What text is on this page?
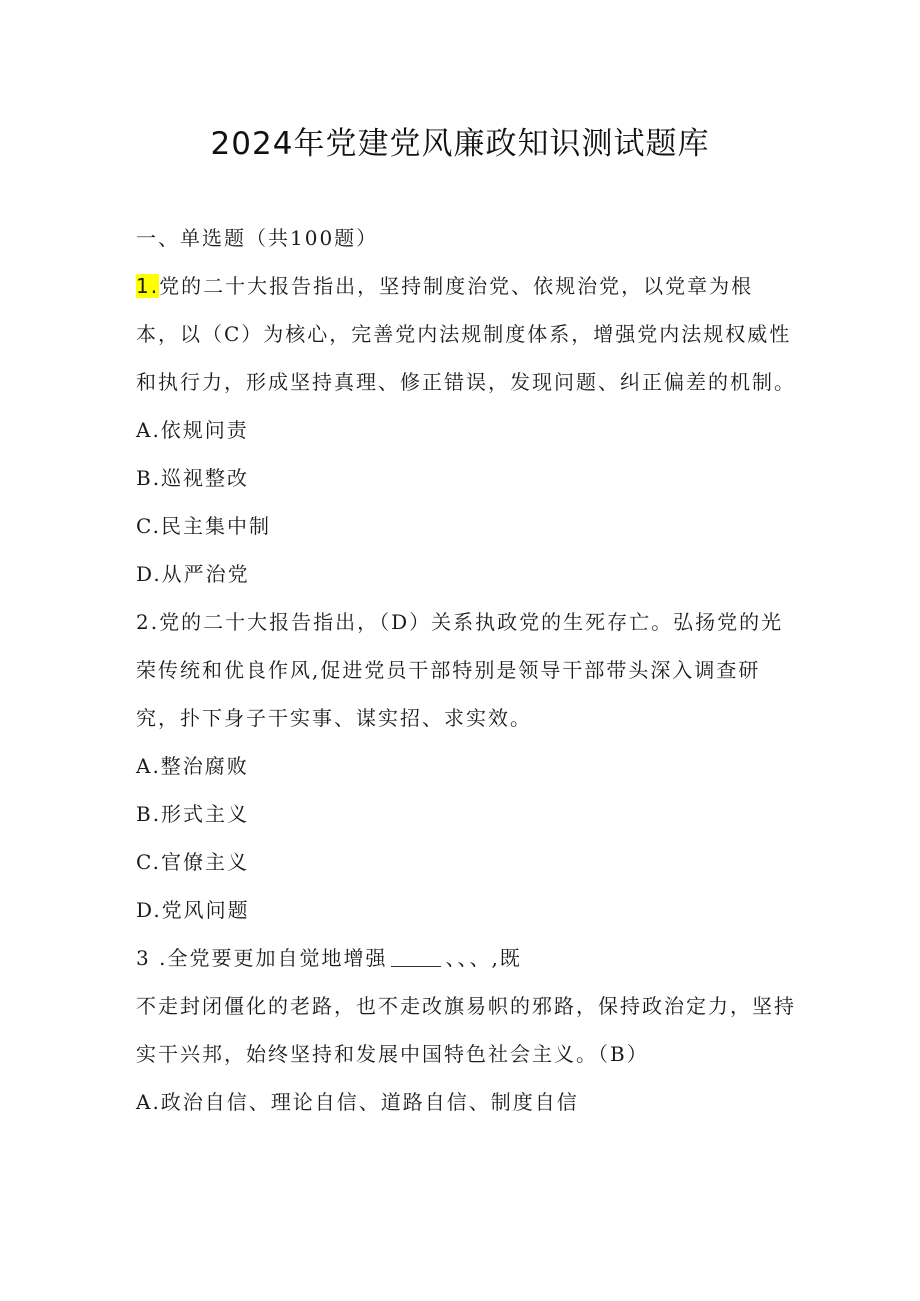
2024年党建党风廉政知识测试题库

一、单选题（共100题）

1.党的二十大报告指出，坚持制度治党、依规治党，以党章为根本，以（C）为核心，完善党内法规制度体系，增强党内法规权威性和执行力，形成坚持真理、修正错误，发现问题、纠正偏差的机制。

A.依规问责

B.巡视整改

C.民主集中制

D.从严治党

2.党的二十大报告指出，（D）关系执政党的生死存亡。弘扬党的光荣传统和优良作风,促进党员干部特别是领导干部带头深入调查研究，扑下身子干实事、谋实招、求实效。

A.整治腐败

B.形式主义

C.官僚主义

D.党风问题

3 .全党要更加自觉地增强	、、、,既

不走封闭僵化的老路，也不走改旗易帜的邪路，保持政治定力，坚持实干兴邦，始终坚持和发展中国特色社会主义。（B）

A.政治自信、理论自信、道路自信、制度自信
